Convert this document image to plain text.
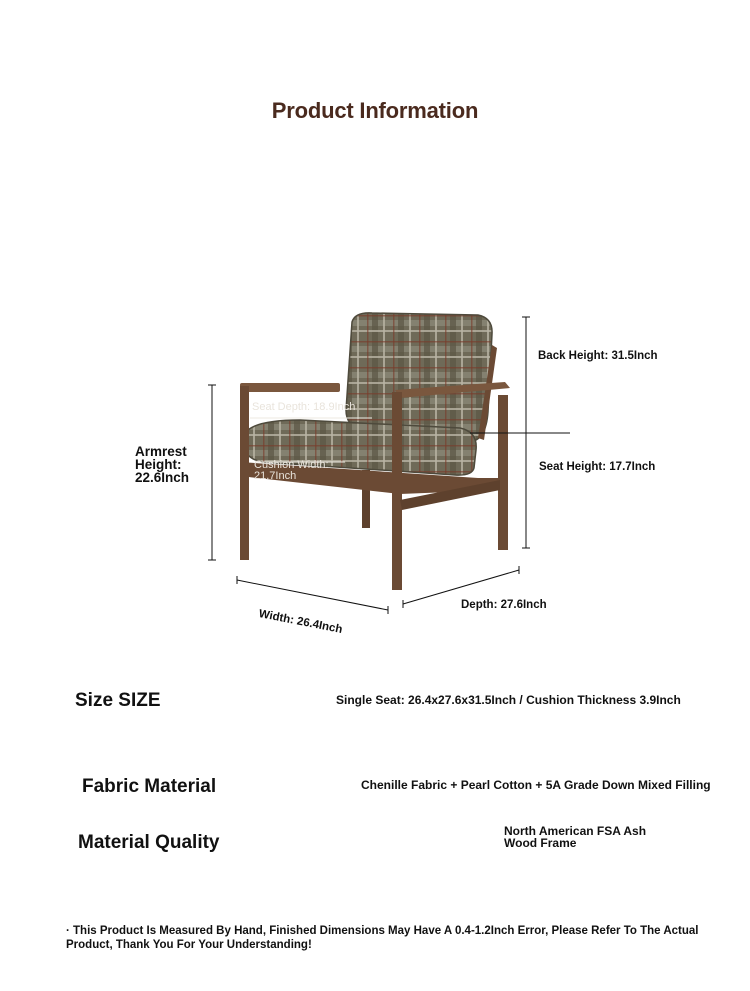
Product Information
Back Height: 31.5Inch
Seat Height: 17.7Inch
Seat Depth: 18.9Inch
Cushion Width:
21.7Inch
Armrest
Height:
22.6Inch
Width: 26.4Inch
Depth: 27.6Inch
Size SIZE	Single Seat: 26.4x27.6x31.5Inch / Cushion Thickness 3.9Inch
Fabric Material	Chenille Fabric + Pearl Cotton + 5A Grade Down Mixed Filling
Material Quality
North American FSA Ash
Wood Frame
· This Product Is Measured By Hand, Finished Dimensions May Have A 0.4-1.2Inch Error, Please Refer To The Actual Product, Thank You For Your Understanding!
